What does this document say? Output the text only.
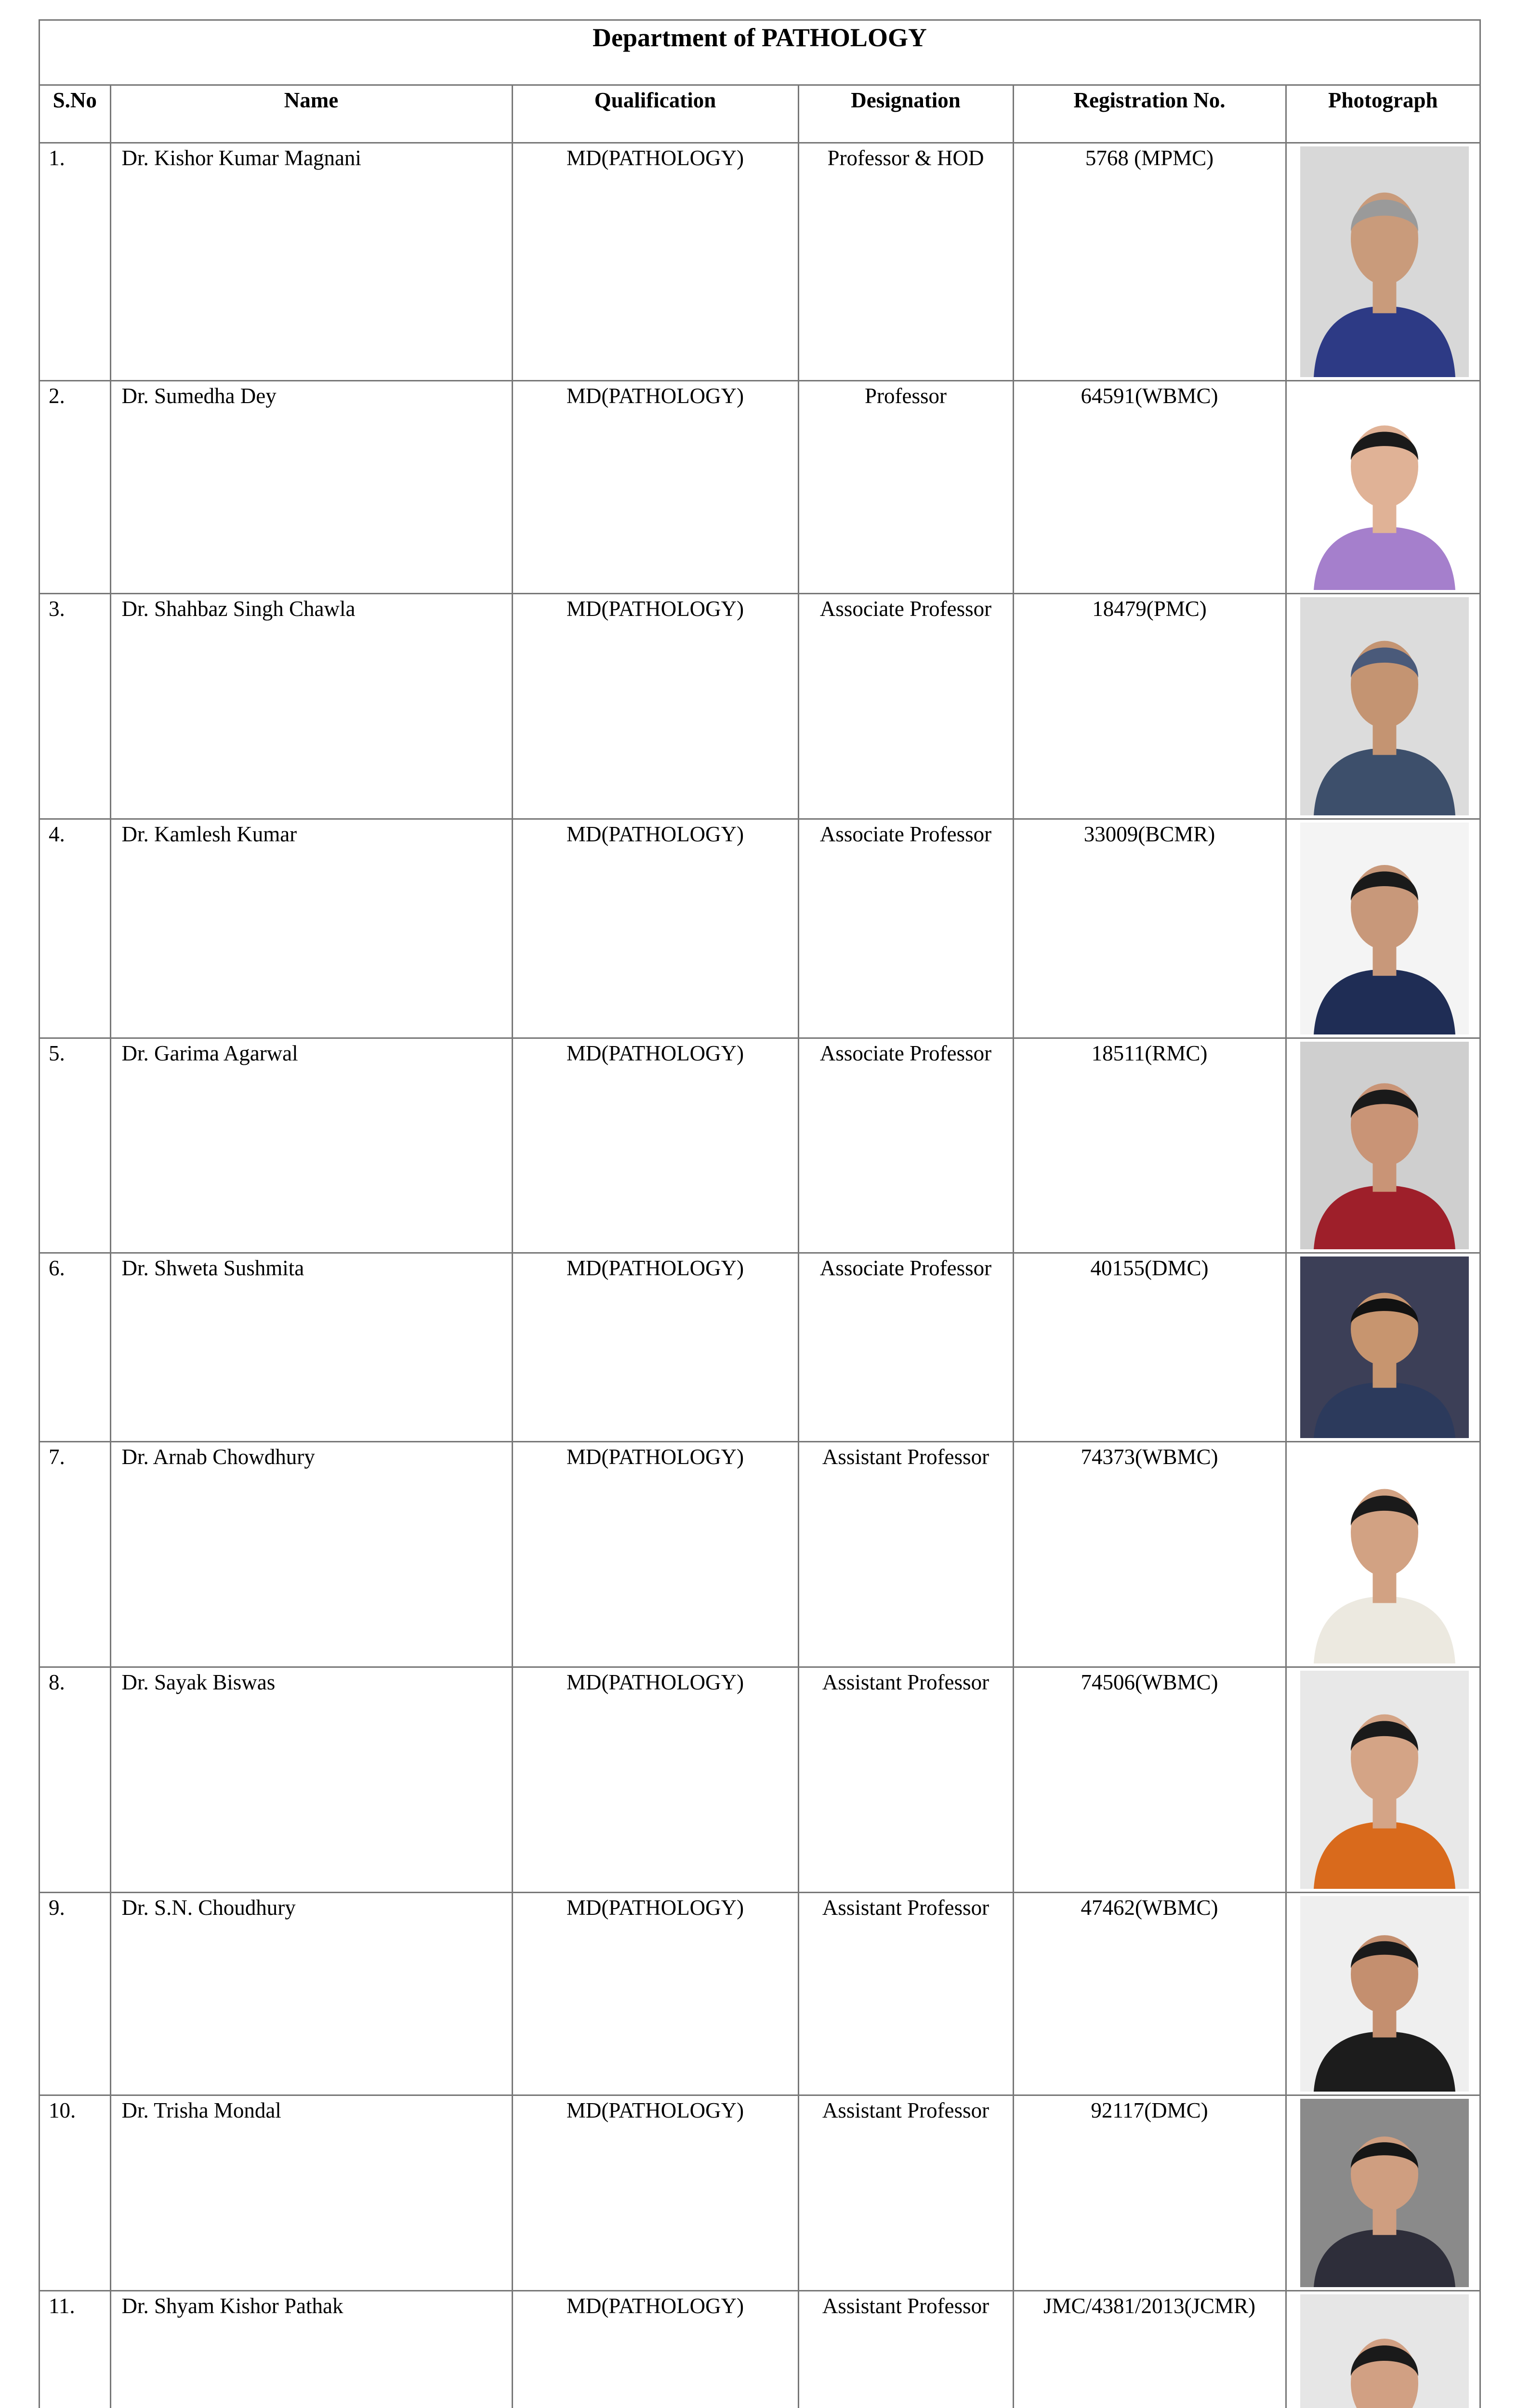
Department of PATHOLOGY
S.No	Name	Qualification	Designation	Registration No.	Photograph
1.	Dr. Kishor Kumar Magnani	MD(PATHOLOGY)	Professor & HOD	5768 (MPMC)	

2.	Dr. Sumedha Dey	MD(PATHOLOGY)	Professor	64591(WBMC)	

3.	Dr. Shahbaz Singh Chawla	MD(PATHOLOGY)	Associate Professor	18479(PMC)	

4.	Dr. Kamlesh Kumar	MD(PATHOLOGY)	Associate Professor	33009(BCMR)	

5.	Dr. Garima Agarwal	MD(PATHOLOGY)	Associate Professor	18511(RMC)	

6.	Dr. Shweta Sushmita	MD(PATHOLOGY)	Associate Professor	40155(DMC)	

7.	Dr. Arnab Chowdhury	MD(PATHOLOGY)	Assistant Professor	74373(WBMC)	

8.	Dr. Sayak Biswas	MD(PATHOLOGY)	Assistant Professor	74506(WBMC)	

9.	Dr. S.N. Choudhury	MD(PATHOLOGY)	Assistant Professor	47462(WBMC)	

10.	Dr. Trisha Mondal	MD(PATHOLOGY)	Assistant Professor	92117(DMC)	

11.	Dr. Shyam Kishor Pathak	MD(PATHOLOGY)	Assistant Professor	JMC/4381/2013(JCMR)	
